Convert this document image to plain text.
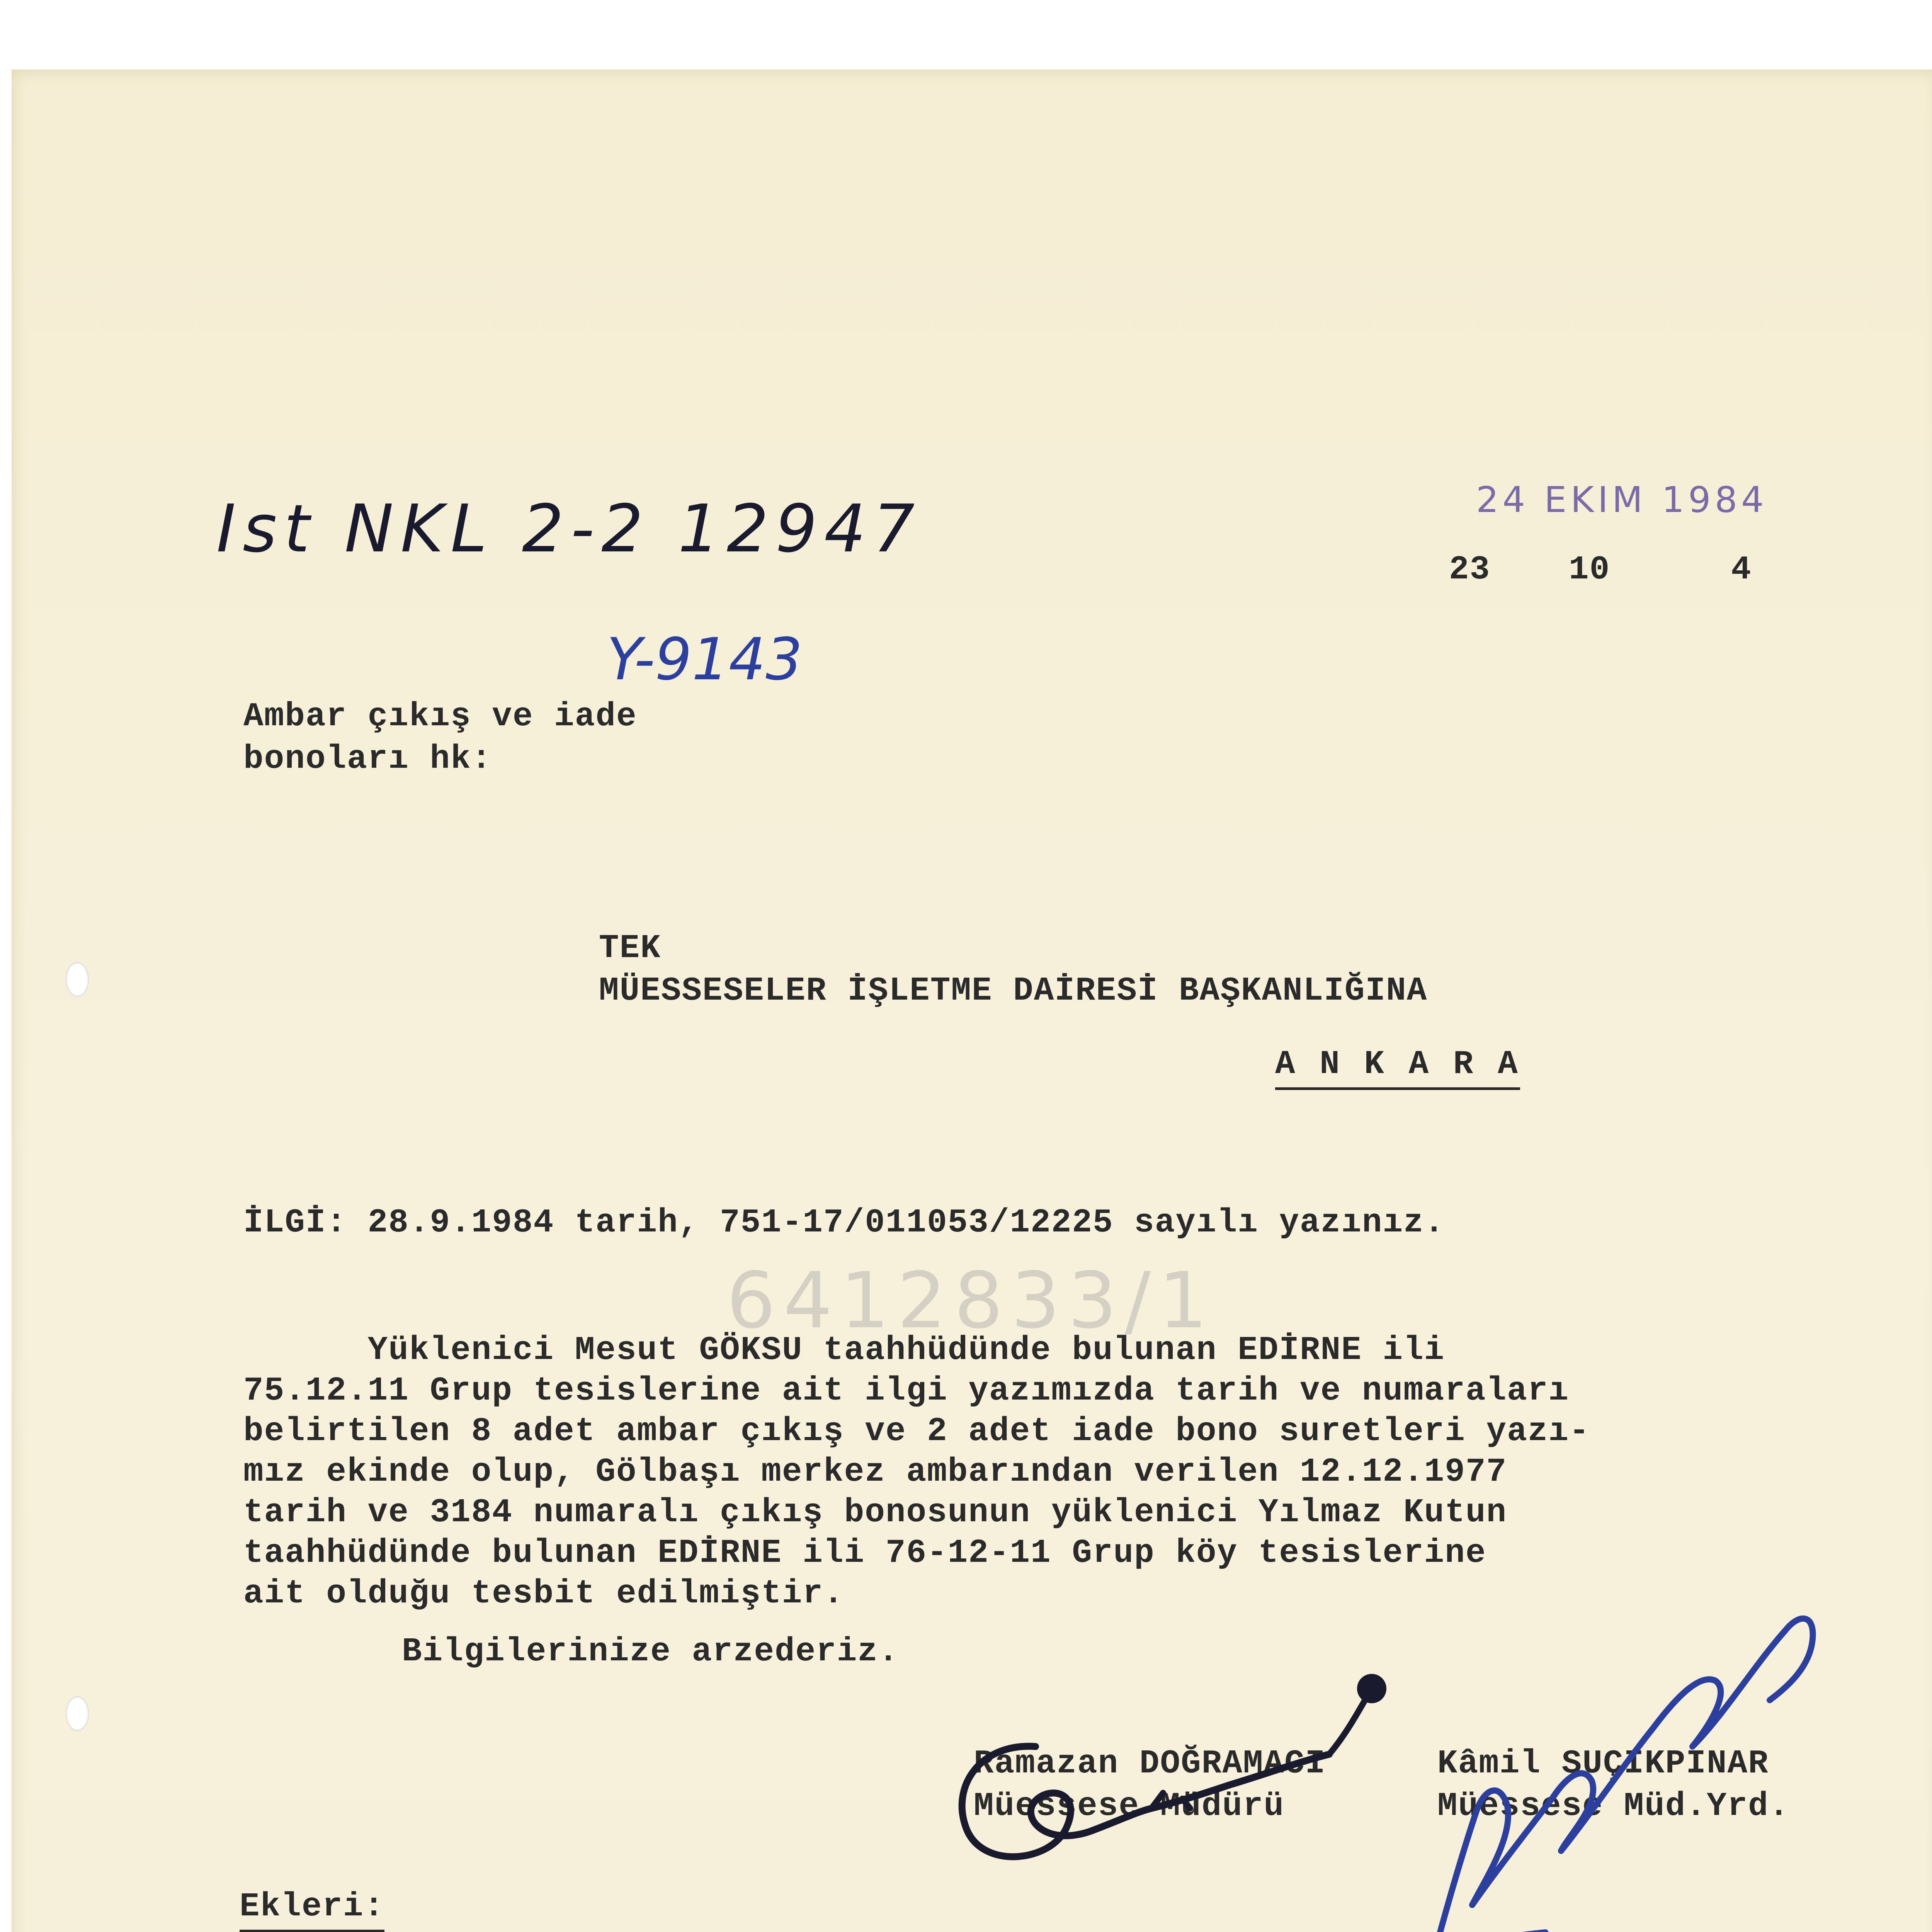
Ist NKL 2-2 12947	24 EKIM 1984
23 10	4
Y-9143
Ambar çıkış ve iade
bonoları hk:
TEK
MÜESSESELER İŞLETME DAİRESİ BAŞKANLIĞINA
A N K A R A
İLGİ: 28.9.1984 tarih, 751-17/011053/12225 sayılı yazınız.
6412833/1
Yüklenici Mesut GÖKSU taahhüdünde bulunan EDİRNE ili
75.12.11 Grup tesislerine ait ilgi yazımızda tarih ve numaraları
belirtilen 8 adet ambar çıkış ve 2 adet iade bono suretleri yazı-
mız ekinde olup, Gölbaşı merkez ambarından verilen 12.12.1977
tarih ve 3184 numaralı çıkış bonosunun yüklenici Yılmaz Kutun
taahhüdünde bulunan EDİRNE ili 76-12-11 Grup köy tesislerine
ait olduğu tesbit edilmiştir.
Bilgilerinize arzederiz.
Ramazan DOĞRAMACI
Müessese Müdürü
Kâmil SUÇIKPINAR
Müessese Müd.Yrd.
Ekleri:
